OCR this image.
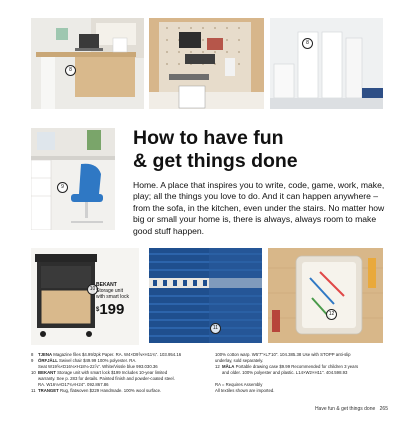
8
8
9
How to have fun
& get things done
Home. A place that inspires you to write, code, game, work, make, play; all the things you love to do. And it can happen anywhere – from the sofa, in the kitchen, even under the stairs. No matter how big or small your home is, there is always, always room to make good stuff happen.
10
BEKANT
Storage unit
with smart lock
$199
11
12
8	TJENA Magazine files $4.99/2pk Paper. RA. W4×D9⅝×H11¾". 103.954.16
9	ÖRFJÄLL Swivel chair $49.99 100% polyester. RA.
Seat W19⅝×D16⅛×H18⅛-22⅞". White/Vissle blue 993.030.36
10 BEKANT Storage unit with smart lock $199 Includes 10-year limited
warranty. See p. 283 for details. Painted finish and powder-coated steel.
RA. W16⅛×D17¾×H24". 092.867.86
11 TRANGET Rug, flatwoven $229 Handmade. 100% wool surface.
100% cotton warp. W5'7"×L7'10". 104.385.38 Use with STOPP anti-slip
underlay, sold separately.
12 MÅLA Portable drawing case $9.99 Recommended for children 3 years
and older. 100% polyester and plastic. L14×W2×H11". 404.598.93
RA = Requires Assembly
All textiles shown are imported.
Have fun & get things done 265
